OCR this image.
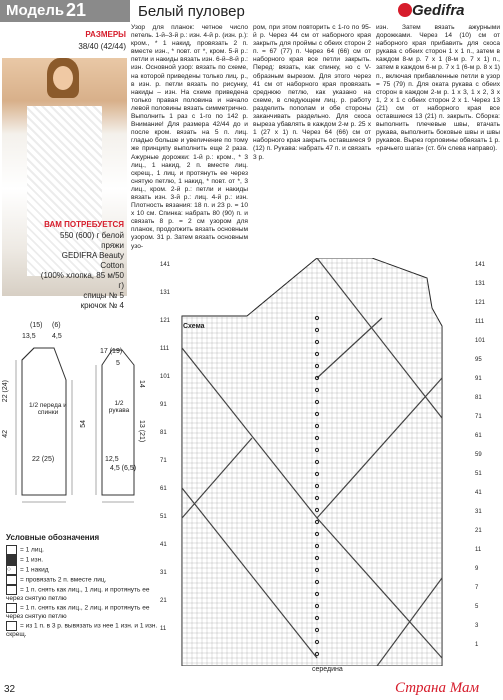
Модель 21	Белый пуловер	Gedifra
РАЗМЕРЫ
38/40 (42/44)
ВАМ ПОТРЕБУЕТСЯ
550 (600) г белой пряжи
GEDIFRA Beauty Cotton
(100% хлопка, 85 м/50 г)
спицы № 5
крючок № 4
Узор для планок: четное число петель. 1-й–3-й р.: изн. 4-й р. (изн. р.): кром., * 1 накид, провязать 2 п. вместе изн., * повт. от *, кром. 5-й р.: петли и накиды вязать изн. 6-й–8-й р.: изн. Основной узор: вязать по схеме, на которой приведены только лиц. р., в изн. р. петли вязать по рисунку, накиды – изн. На схеме приведена только правая половина и начало левой половины вязать симметрично. Выполнить 1 раз с 1-го по 142 р. Внимание! Для размера 42/44 до и после кром. вязать на 5 п. лиц. гладью больше и увеличение по тому же принципу выполнить еще 2 раза. Ажурные дорожки: 1-й р.: кром., * 3 лиц., 1 накид, 2 п. вместе лиц. скрещ., 1 лиц. и протянуть ее через снятую петлю, 1 накид, * повт. от *, 3 лиц., кром. 2-й р.: петли и накиды вязать изн. 3-й р.: лиц. 4-й р.: изн. Плотность вязания: 18 п. и 23 р. = 10 х 10 см. Спинка: набрать 80 (90) п. и связать 8 р. = 2 см узором для планок, продолжить вязать основным узором. 31 р. Затем вязать основным узо-
ром, при этом повторить с 1-го по 95-й р. Через 44 см от наборного края закрыть для проймы с обеих сторон 2 п. = 67 (77) п. Через 64 (66) см от наборного края все петли закрыть. Перед: вязать, как спинку, но с V-образным вырезом. Для этого через 41 см от наборного края провязать среднюю петлю, как указано на схеме, в следующем лиц. р. работу разделить пополам и обе стороны заканчивать раздельно. Для скоса выреза убавлять в каждом 2-м р. 25 х 1 (27 х 1) п. Через 64 (66) см от наборного края закрыть оставшиеся 9 (12) п. Рукава: набрать 47 п. и связать 3 р.
изн. Затем вязать ажурными дорожками. Через 14 (10) см от наборного края прибавить для скоса рукава с обеих сторон 1 х 1 п., затем в каждом 8-м р. 7 х 1 (8-м р. 7 х 1) п., затем в каждом 6-м р. 7 х 1 (6-м р. 8 х 1) п., включая прибавленные петли в узор = 75 (79) п. Для оката рукава с обеих сторон в каждом 2-м р. 1 х 3, 1 х 2, 3 х 1, 2 х 1 с обеих сторон 2 х 1. Через 13 (21) см от наборного края все оставшиеся 13 (21) п. закрыть. Сборка: выполнить плечевые швы, втачать рукава, выполнить боковые швы и швы рукавов. Вырез горловины обвязать 1 р. «рачьего шага» (ст. б/н слева направо).
(15) (6)
13,5 4,5
22 (24)
42
22 (25)
1/2 переда и спинки
17 (19)
5
54
12,5
4,5 (6,5)
14
13 (21)
1/2 рукава
Схема
середина
141
131
121
111
101
95
91
81
71
61
59
51
41
31
21
11
9
7
5
3
1
141
131
121
111
101
91
81
71
61
51
41
31
21
11
Условные обозначения
= 1 лиц.
= 1 изн.
○ = 1 накид
= провязать 2 п. вместе лиц.
= 1 п. снять как лиц., 1 лиц. и протянуть ее через снятую петлю
= 1 п. снять как лиц., 2 лиц. и протянуть ее через снятую петлю
= из 1 п. в 3 р. вывязать из нее 1 изн. и 1 изн. скрещ.
32	Страна Мам
